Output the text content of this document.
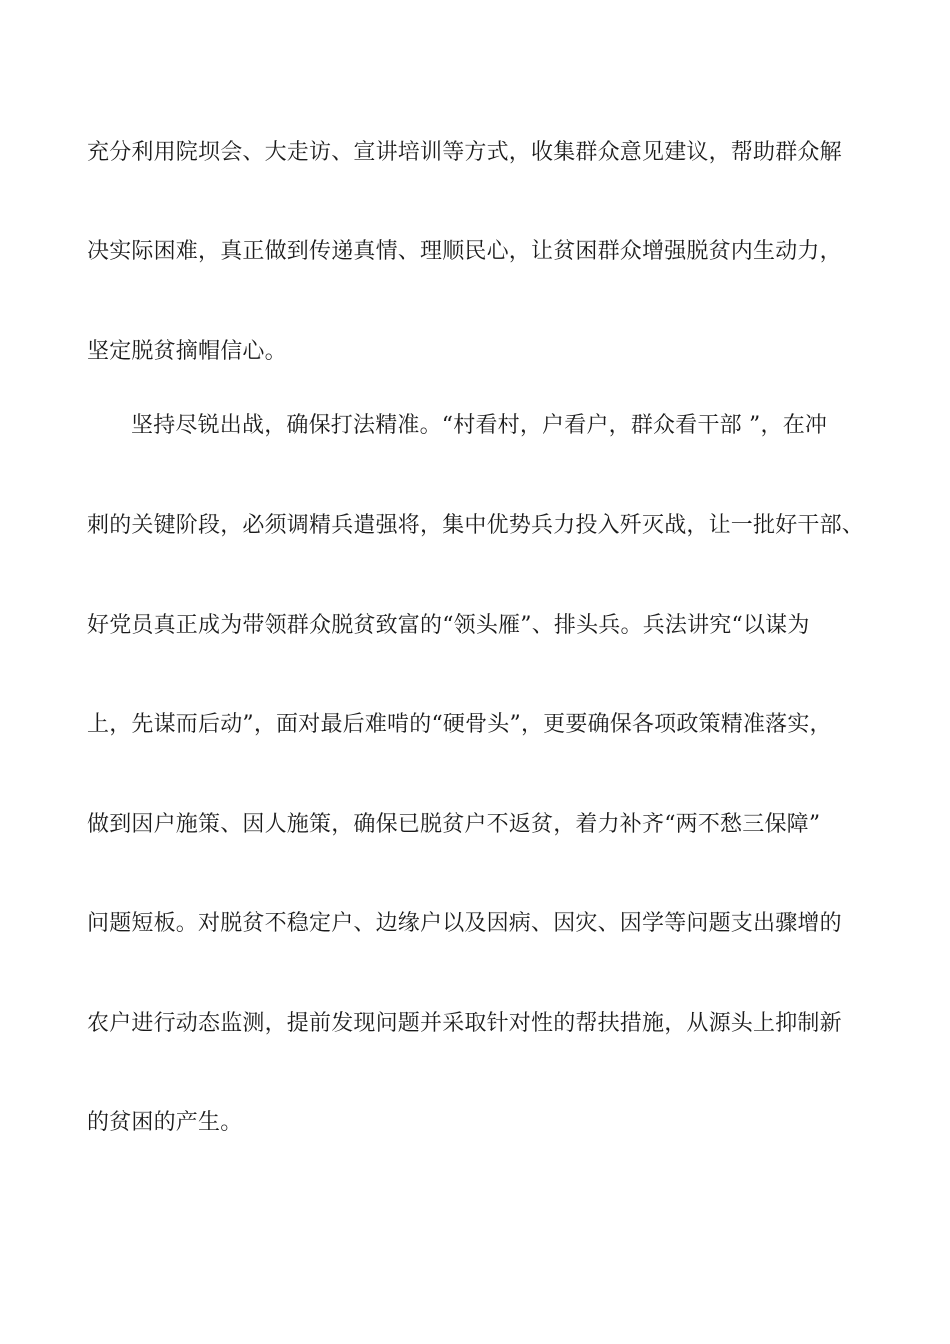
充分利用院坝会、大走访、宣讲培训等方式，收集群众意见建议，帮助群众解
决实际困难，真正做到传递真情、理顺民心，让贫困群众增强脱贫内生动力，
坚定脱贫摘帽信心。
坚持尽锐出战，确保打法精准。“村看村，户看户，群众看干部 ”，在冲
刺的关键阶段，必须调精兵遣强将，集中优势兵力投入歼灭战，让一批好干部、
好党员真正成为带领群众脱贫致富的“领头雁”、排头兵。兵法讲究“以谋为
上，先谋而后动”，面对最后难啃的“硬骨头”，更要确保各项政策精准落实，
做到因户施策、因人施策，确保已脱贫户不返贫，着力补齐“两不愁三保障”
问题短板。对脱贫不稳定户、边缘户以及因病、因灾、因学等问题支出骤增的
农户进行动态监测，提前发现问题并采取针对性的帮扶措施，从源头上抑制新
的贫困的产生。
